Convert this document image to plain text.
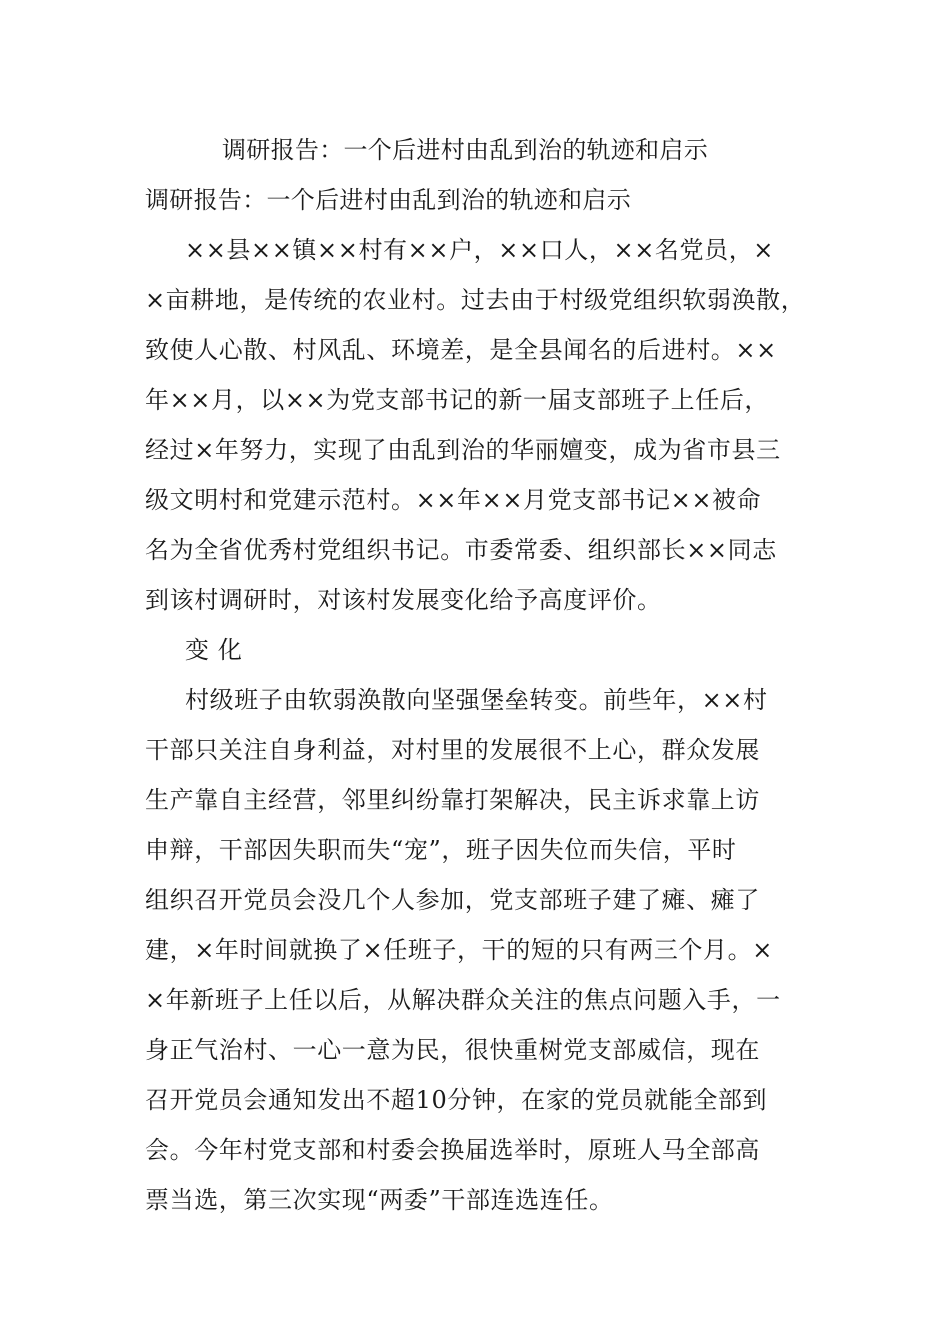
调研报告：一个后进村由乱到治的轨迹和启示
调研报告：一个后进村由乱到治的轨迹和启示
××县××镇××村有××户，××口人，××名党员，×
×亩耕地，是传统的农业村。过去由于村级党组织软弱涣散，
致使人心散、村风乱、环境差，是全县闻名的后进村。××
年××月，以××为党支部书记的新一届支部班子上任后，
经过×年努力，实现了由乱到治的华丽嬗变，成为省市县三
级文明村和党建示范村。××年××月党支部书记××被命
名为全省优秀村党组织书记。市委常委、组织部长××同志
到该村调研时，对该村发展变化给予高度评价。
变 化
村级班子由软弱涣散向坚强堡垒转变。前些年，××村
干部只关注自身利益，对村里的发展很不上心，群众发展
生产靠自主经营，邻里纠纷靠打架解决，民主诉求靠上访
申辩，干部因失职而失“宠”，班子因失位而失信，平时
组织召开党员会没几个人参加，党支部班子建了瘫、瘫了
建，×年时间就换了×任班子，干的短的只有两三个月。×
×年新班子上任以后，从解决群众关注的焦点问题入手，一
身正气治村、一心一意为民，很快重树党支部威信，现在
召开党员会通知发出不超10分钟，在家的党员就能全部到
会。今年村党支部和村委会换届选举时，原班人马全部高
票当选，第三次实现“两委”干部连选连任。
